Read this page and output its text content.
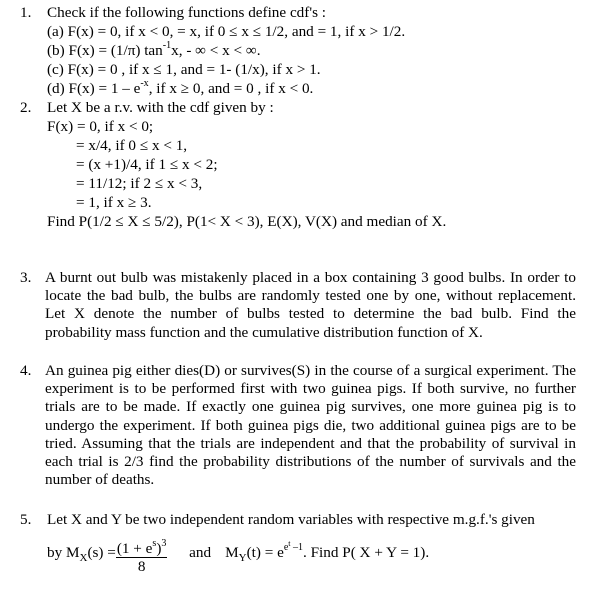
1. Check if the following functions define cdf's :
(a) F(x) = 0, if x < 0, = x, if 0 ≤ x ≤ 1/2, and = 1, if x > 1/2.
(b) F(x) = (1/π) $\tan^{-1}x$, - ∞ < x < ∞.
(c) F(x) = 0 , if x ≤ 1, and = 1- (1/x), if x > 1.
(d) $F(x) = 1 - e^{-x}$, if x ≥ 0, and = 0 , if x < 0.
2. Let X be a r.v. with the cdf given by :
F(x) = 0, if x < 0;
= x/4, if 0 ≤ x < 1,
= (x +1)/4, if 1 ≤ x < 2;
= 11/12; if 2 ≤ x < 3,
= 1, if x ≥ 3.
Find P(1/2 ≤ X ≤ 5/2), P(1< X < 3), E(X), V(X) and median of X.
3. A burnt out bulb was mistakenly placed in a box containing 3 good bulbs. In order to locate the bad bulb, the bulbs are randomly tested one by one, without replacement. Let X denote the number of bulbs tested to determine the bad bulb. Find the probability mass function and the cumulative distribution function of X.
4. An guinea pig either dies(D) or survives(S) in the course of a surgical experiment. The experiment is to be performed first with two guinea pigs. If both survive, no further trials are to be made. If exactly one guinea pig survives, one more guinea pig is to undergo the experiment. If both guinea pigs die, two additional guinea pigs are to be tried. Assuming that the trials are independent and that the probability of survival in each trial is 2/3 find the probability distributions of the number of survivals and the number of deaths.
5. Let X and Y be two independent random variables with respective m.g.f.'s given
by $M_X(s) = \frac{(1 + e^s)^3}{8}$ and $M_Y(t) = e^{e^t -1}$. Find P( X + Y = 1).
